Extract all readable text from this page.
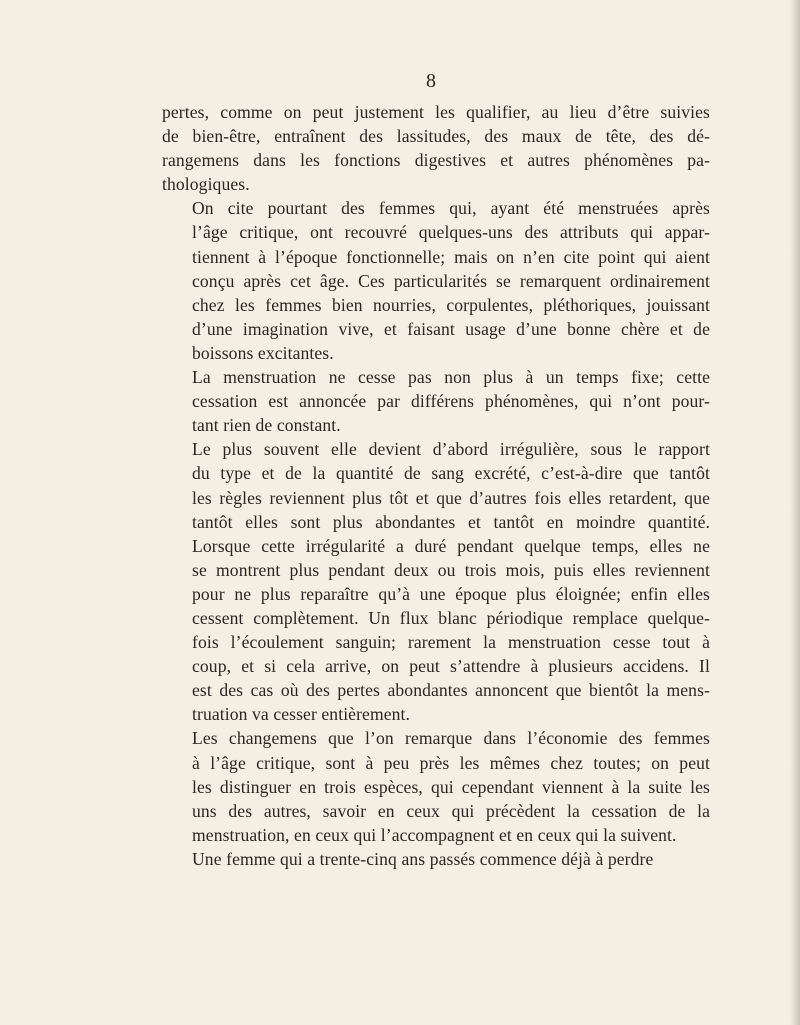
8

pertes, comme on peut justement les qualifier, au lieu d’être suivies
de bien-être, entraînent des lassitudes, des maux de tête, des dé-
rangemens dans les fonctions digestives et autres phénomènes pa-
thologiques.

On cite pourtant des femmes qui, ayant été menstruées après
l’âge critique, ont recouvré quelques-uns des attributs qui appar-
tiennent à l’époque fonctionnelle; mais on n’en cite point qui aient
conçu après cet âge. Ces particularités se remarquent ordinairement
chez les femmes bien nourries, corpulentes, pléthoriques, jouissant
d’une imagination vive, et faisant usage d’une bonne chère et de
boissons excitantes.

La menstruation ne cesse pas non plus à un temps fixe; cette
cessation est annoncée par différens phénomènes, qui n’ont pour-
tant rien de constant.

Le plus souvent elle devient d’abord irrégulière, sous le rapport
du type et de la quantité de sang excrété, c’est-à-dire que tantôt
les règles reviennent plus tôt et que d’autres fois elles retardent, que
tantôt elles sont plus abondantes et tantôt en moindre quantité.
Lorsque cette irrégularité a duré pendant quelque temps, elles ne
se montrent plus pendant deux ou trois mois, puis elles reviennent
pour ne plus reparaître qu’à une époque plus éloignée; enfin elles
cessent complètement. Un flux blanc périodique remplace quelque-
fois l’écoulement sanguin; rarement la menstruation cesse tout à
coup, et si cela arrive, on peut s’attendre à plusieurs accidens. Il
est des cas où des pertes abondantes annoncent que bientôt la mens-
truation va cesser entièrement.

Les changemens que l’on remarque dans l’économie des femmes
à l’âge critique, sont à peu près les mêmes chez toutes; on peut
les distinguer en trois espèces, qui cependant viennent à la suite les
uns des autres, savoir en ceux qui précèdent la cessation de la
menstruation, en ceux qui l’accompagnent et en ceux qui la suivent.

Une femme qui a trente-cinq ans passés commence déjà à perdre
